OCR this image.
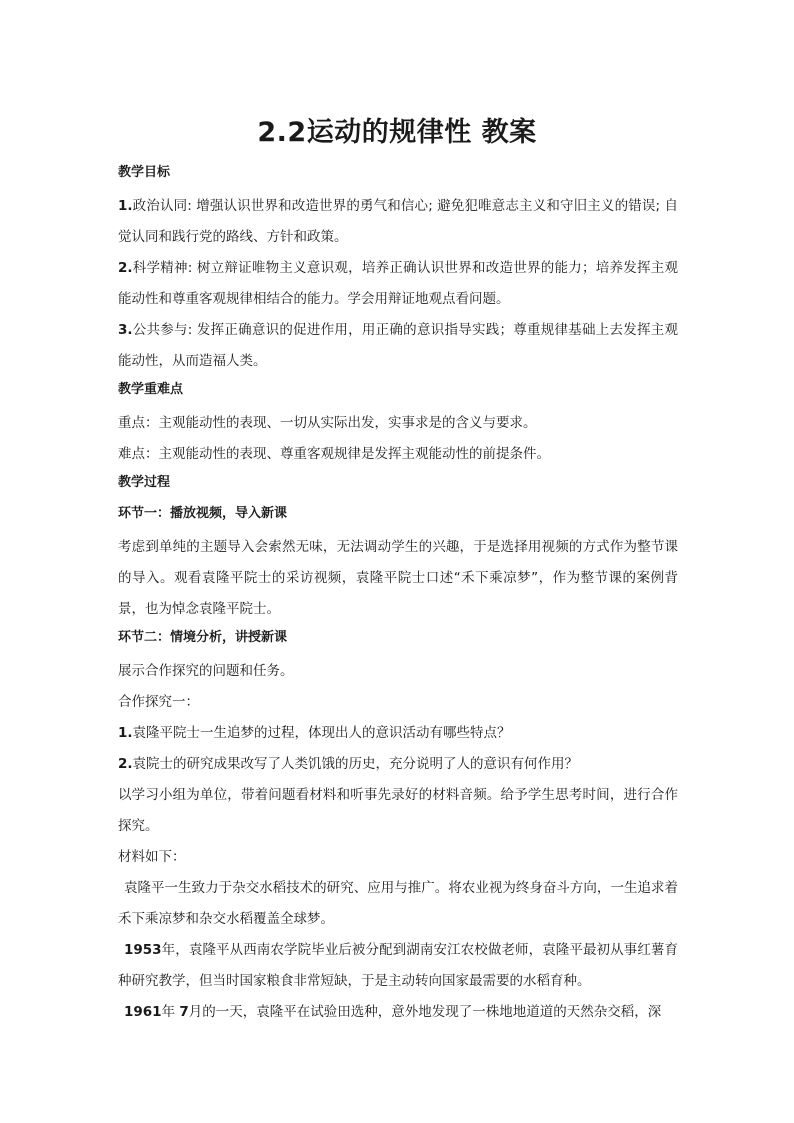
2.2运动的规律性 教案
教学目标
1.政治认同: 增强认识世界和改造世界的勇气和信心; 避免犯唯意志主义和守旧主义的错误; 自觉认同和践行党的路线、方针和政策。
2.科学精神: 树立辩证唯物主义意识观，培养正确认识世界和改造世界的能力；培养发挥主观能动性和尊重客观规律相结合的能力。学会用辩证地观点看问题。
3.公共参与: 发挥正确意识的促进作用，用正确的意识指导实践；尊重规律基础上去发挥主观能动性，从而造福人类。
教学重难点
重点：主观能动性的表现、一切从实际出发，实事求是的含义与要求。
难点：主观能动性的表现、尊重客观规律是发挥主观能动性的前提条件。
教学过程
环节一：播放视频，导入新课
考虑到单纯的主题导入会索然无味，无法调动学生的兴趣，于是选择用视频的方式作为整节课的导入。观看袁隆平院士的采访视频，袁隆平院士口述“禾下乘凉梦”，作为整节课的案例背景，也为悼念袁隆平院士。
环节二：情境分析，讲授新课
展示合作探究的问题和任务。
合作探究一：
1.袁隆平院士一生追梦的过程，体现出人的意识活动有哪些特点？
2.袁院士的研究成果改写了人类饥饿的历史，充分说明了人的意识有何作用？
以学习小组为单位，带着问题看材料和听事先录好的材料音频。给予学生思考时间，进行合作探究。
材料如下：
袁隆平一生致力于杂交水稻技术的研究、应用与推广。将农业视为终身奋斗方向，一生追求着禾下乘凉梦和杂交水稻覆盖全球梦。
1953年，袁隆平从西南农学院毕业后被分配到湖南安江农校做老师，袁隆平最初从事红薯育种研究教学，但当时国家粮食非常短缺，于是主动转向国家最需要的水稻育种。
1961年 7月的一天，袁隆平在试验田选种，意外地发现了一株地地道道的天然杂交稻，深
